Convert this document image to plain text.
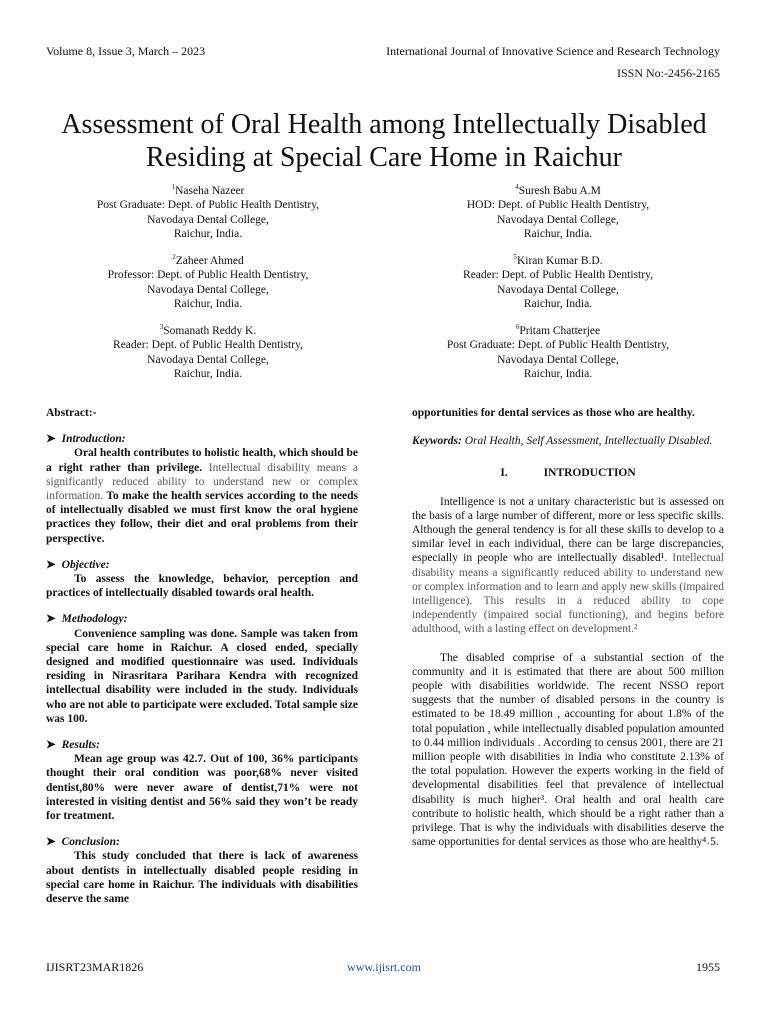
Volume 8, Issue 3, March – 2023	International Journal of Innovative Science and Research Technology
ISSN No:-2456-2165
Assessment of Oral Health among Intellectually Disabled Residing at Special Care Home in Raichur
$^1$Naseha Nazeer
Post Graduate: Dept. of Public Health Dentistry,
Navodaya Dental College,
Raichur, India.
$^2$Zaheer Ahmed
Professor: Dept. of Public Health Dentistry,
Navodaya Dental College,
Raichur, India.
$^3$Somanath Reddy K.
Reader: Dept. of Public Health Dentistry,
Navodaya Dental College,
Raichur, India.
$^4$Suresh Babu A.M
HOD: Dept. of Public Health Dentistry,
Navodaya Dental College,
Raichur, India.
$^5$Kiran Kumar B.D.
Reader: Dept. of Public Health Dentistry,
Navodaya Dental College,
Raichur, India.
$^6$Pritam Chatterjee
Post Graduate: Dept. of Public Health Dentistry,
Navodaya Dental College,
Raichur, India.

Abstract:-

➤ Introduction:

Oral health contributes to holistic health, which should be a right rather than privilege. Intellectual disability means a significantly reduced ability to understand new or complex information. To make the health services according to the needs of intellectually disabled we must first know the oral hygiene practices they follow, their diet and oral problems from their perspective.

➤ Objective:

To assess the knowledge, behavior, perception and practices of intellectually disabled towards oral health.

➤ Methodology:

Convenience sampling was done. Sample was taken from special care home in Raichur. A closed ended, specially designed and modified questionnaire was used. Individuals residing in Nirasritara Parihara Kendra with recognized intellectual disability were included in the study. Individuals who are not able to participate were excluded. Total sample size was 100.

➤ Results:

Mean age group was 42.7. Out of 100, 36% participants thought their oral condition was poor,68% never visited dentist,80% were never aware of dentist,71% were not interested in visiting dentist and 56% said they won’t be ready for treatment.

➤ Conclusion:

This study concluded that there is lack of awareness about dentists in intellectually disabled people residing in special care home in Raichur. The individuals with disabilities deserve the same

opportunities for dental services as those who are healthy.

Keywords: Oral Health, Self Assessment, Intellectually Disabled.

I.	INTRODUCTION

Intelligence is not a unitary characteristic but is assessed on the basis of a large number of different, more or less specific skills. Although the general tendency is for all these skills to develop to a similar level in each individual, there can be large discrepancies, especially in people who are intellectually disabled¹. Intellectual disability means a significantly reduced ability to understand new or complex information and to learn and apply new skills (impaired intelligence). This results in a reduced ability to cope independently (impaired social functioning), and begins before adulthood, with a lasting effect on development.²

The disabled comprise of a substantial section of the community and it is estimated that there are about 500 million people with disabilities worldwide. The recent NSSO report suggests that the number of disabled persons in the country is estimated to be 18.49 million , accounting for about 1.8% of the total population , while intellectually disabled population amounted to 0.44 million individuals . According to census 2001, there are 21 million people with disabilities in India who constitute 2.13% of the total population. However the experts working in the field of developmental disabilities feel that prevalence of intellectual disability is much higher³. Oral health and oral health care contribute to holistic health, which should be a right rather than a privilege. That is why the individuals with disabilities deserve the same opportunities for dental services as those who are healthy⁴˒5.

IJISRT23MAR1826	www.ijisrt.com	1955
